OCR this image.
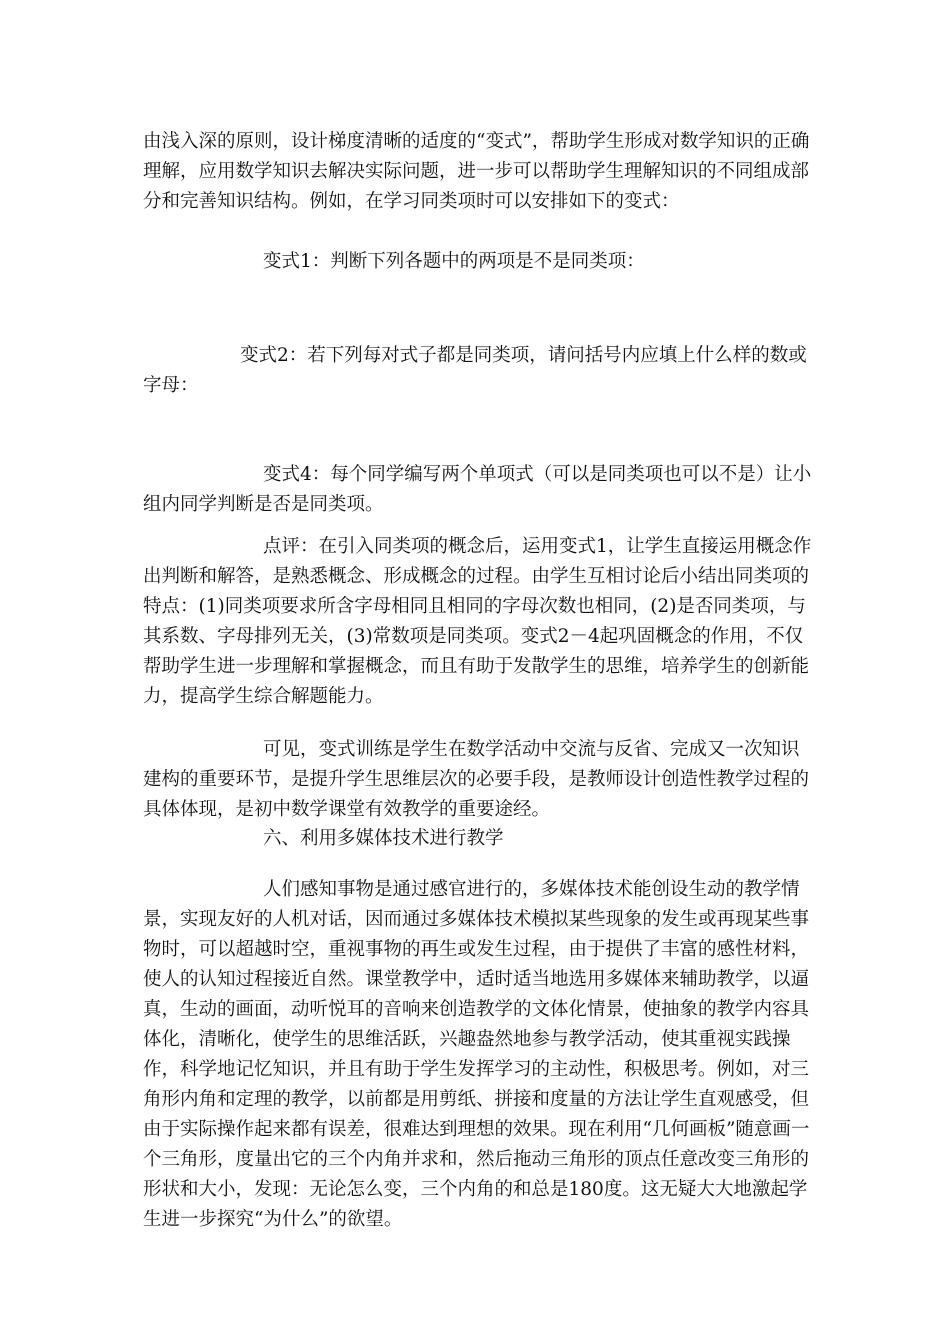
由浅入深的原则，设计梯度清晰的适度的“变式”，帮助学生形成对数学知识的正确理解，应用数学知识去解决实际问题，进一步可以帮助学生理解知识的不同组成部分和完善知识结构。例如，在学习同类项时可以安排如下的变式：

变式1：判断下列各题中的两项是不是同类项：

变式2：若下列每对式子都是同类项，请问括号内应填上什么样的数或字母：

变式4：每个同学编写两个单项式（可以是同类项也可以不是）让小组内同学判断是否是同类项。

点评：在引入同类项的概念后，运用变式1，让学生直接运用概念作出判断和解答，是熟悉概念、形成概念的过程。由学生互相讨论后小结出同类项的特点：(1)同类项要求所含字母相同且相同的字母次数也相同，(2)是否同类项，与其系数、字母排列无关，(3)常数项是同类项。变式2－4起巩固概念的作用，不仅帮助学生进一步理解和掌握概念，而且有助于发散学生的思维，培养学生的创新能力，提高学生综合解题能力。

可见，变式训练是学生在数学活动中交流与反省、完成又一次知识建构的重要环节，是提升学生思维层次的必要手段，是教师设计创造性教学过程的具体体现，是初中数学课堂有效教学的重要途经。

六、利用多媒体技术进行教学

人们感知事物是通过感官进行的，多媒体技术能创设生动的教学情景，实现友好的人机对话，因而通过多媒体技术模拟某些现象的发生或再现某些事物时，可以超越时空，重视事物的再生或发生过程，由于提供了丰富的感性材料，使人的认知过程接近自然。课堂教学中，适时适当地选用多媒体来辅助教学，以逼真，生动的画面，动听悦耳的音响来创造教学的文体化情景，使抽象的教学内容具体化，清晰化，使学生的思维活跃，兴趣盎然地参与教学活动，使其重视实践操作，科学地记忆知识，并且有助于学生发挥学习的主动性，积极思考。例如，对三角形内角和定理的教学，以前都是用剪纸、拼接和度量的方法让学生直观感受，但由于实际操作起来都有误差，很难达到理想的效果。现在利用“几何画板”随意画一个三角形，度量出它的三个内角并求和，然后拖动三角形的顶点任意改变三角形的形状和大小，发现：无论怎么变，三个内角的和总是180度。这无疑大大地激起学生进一步探究“为什么”的欲望。
